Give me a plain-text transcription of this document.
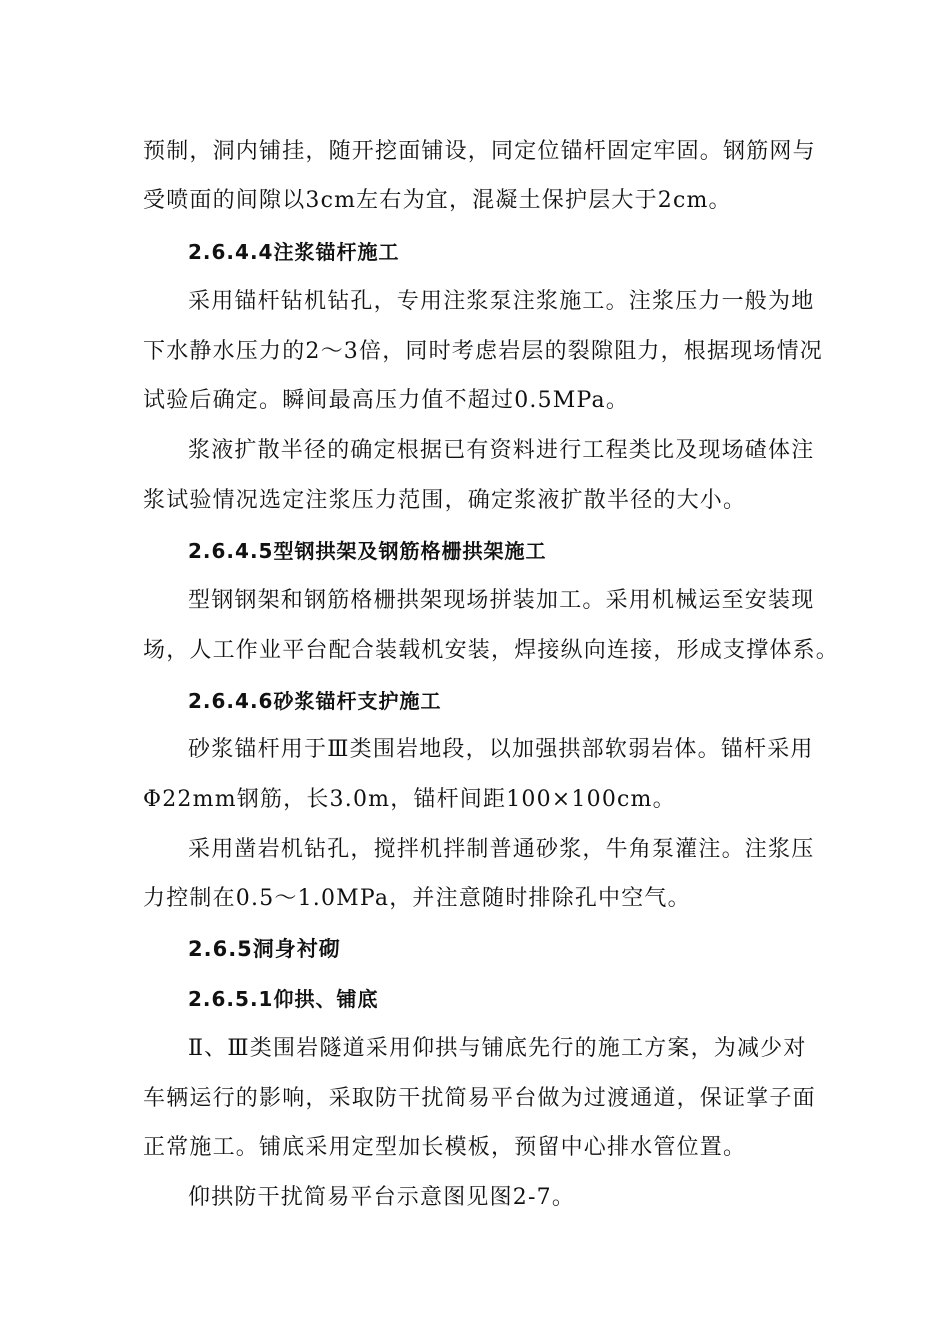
预制，洞内铺挂，随开挖面铺设，同定位锚杆固定牢固。钢筋网与
受喷面的间隙以3cm左右为宜，混凝土保护层大于2cm。
2.6.4.4注浆锚杆施工
采用锚杆钻机钻孔，专用注浆泵注浆施工。注浆压力一般为地
下水静水压力的2～3倍，同时考虑岩层的裂隙阻力，根据现场情况
试验后确定。瞬间最高压力值不超过0.5MPa。
浆液扩散半径的确定根据已有资料进行工程类比及现场碴体注
浆试验情况选定注浆压力范围，确定浆液扩散半径的大小。
2.6.4.5型钢拱架及钢筋格栅拱架施工
型钢钢架和钢筋格栅拱架现场拼装加工。采用机械运至安装现
场，人工作业平台配合装载机安装，焊接纵向连接，形成支撑体系。
2.6.4.6砂浆锚杆支护施工
砂浆锚杆用于Ⅲ类围岩地段，以加强拱部软弱岩体。锚杆采用
Φ22mm钢筋，长3.0m，锚杆间距100×100cm。
采用凿岩机钻孔，搅拌机拌制普通砂浆，牛角泵灌注。注浆压
力控制在0.5～1.0MPa，并注意随时排除孔中空气。
2.6.5洞身衬砌
2.6.5.1仰拱、铺底
Ⅱ、Ⅲ类围岩隧道采用仰拱与铺底先行的施工方案，为减少对
车辆运行的影响，采取防干扰简易平台做为过渡通道，保证掌子面
正常施工。铺底采用定型加长模板，预留中心排水管位置。
仰拱防干扰简易平台示意图见图2-7。
